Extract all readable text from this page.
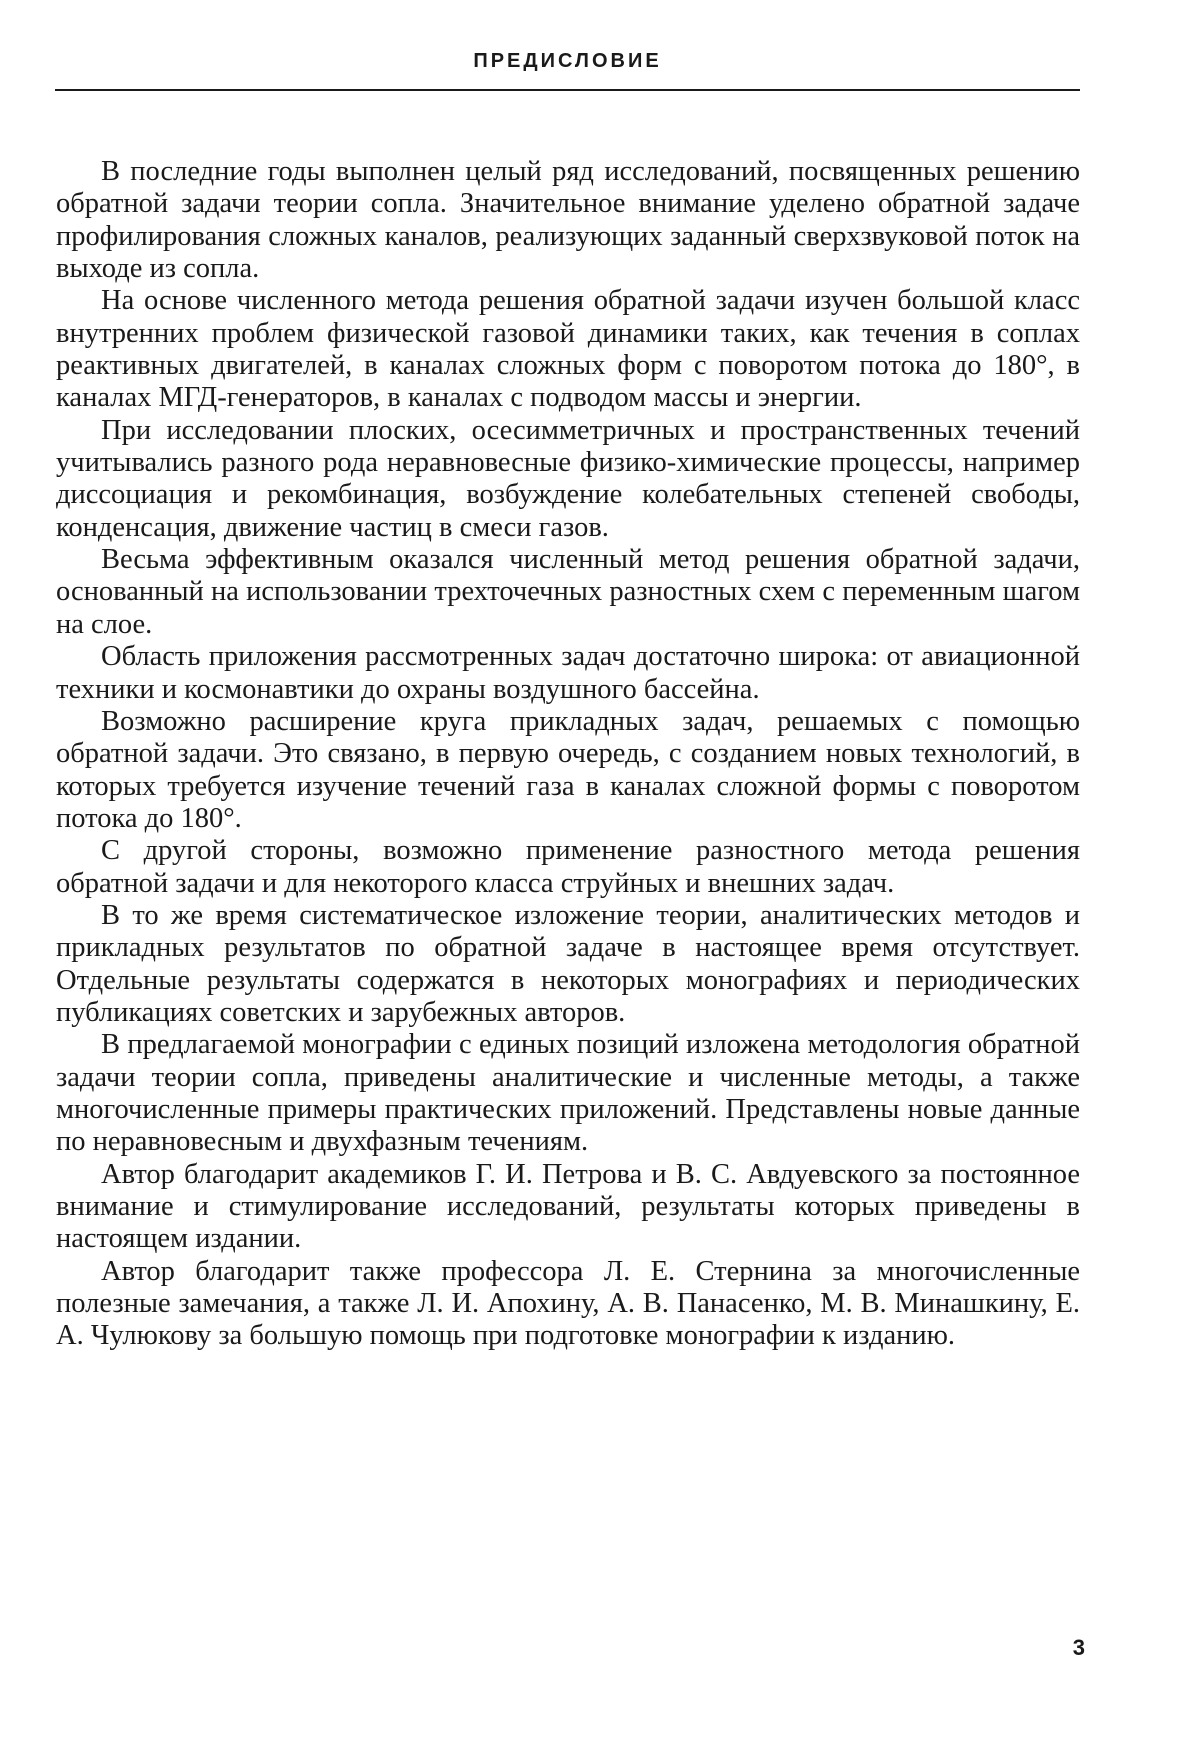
ПРЕДИСЛОВИЕ

В последние годы выполнен целый ряд исследований, посвященных решению обратной задачи теории сопла. Значительное внимание уделено обратной задаче профилирования сложных каналов, реализующих заданный сверхзвуковой поток на выходе из сопла.

На основе численного метода решения обратной задачи изучен большой класс внутренних проблем физической газовой динамики таких, как течения в соплах реактивных двигателей, в каналах сложных форм с поворотом потока до 180°, в каналах МГД-генераторов, в каналах с подводом массы и энергии.

При исследовании плоских, осесимметричных и пространственных течений учитывались разного рода неравновесные физико-химические процессы, например диссоциация и рекомбинация, возбуждение колебательных степеней свободы, конденсация, движение частиц в смеси газов.

Весьма эффективным оказался численный метод решения обратной задачи, основанный на использовании трехточечных разностных схем с переменным шагом на слое.

Область приложения рассмотренных задач достаточно широка: от авиационной техники и космонавтики до охраны воздушного бассейна.

Возможно расширение круга прикладных задач, решаемых с помощью обратной задачи. Это связано, в первую очередь, с созданием новых технологий, в которых требуется изучение течений газа в каналах сложной формы с поворотом потока до 180°.

С другой стороны, возможно применение разностного метода решения обратной задачи и для некоторого класса струйных и внешних задач.

В то же время систематическое изложение теории, аналитических методов и прикладных результатов по обратной задаче в настоящее время отсутствует. Отдельные результаты содержатся в некоторых монографиях и периодических публикациях советских и зарубежных авторов.

В предлагаемой монографии с единых позиций изложена методология обратной задачи теории сопла, приведены аналитические и численные методы, а также многочисленные примеры практических приложений. Представлены новые данные по неравновесным и двухфазным течениям.

Автор благодарит академиков Г. И. Петрова и В. С. Авдуевского за постоянное внимание и стимулирование исследований, результаты которых приведены в настоящем издании.

Автор благодарит также профессора Л. Е. Стернина за многочисленные полезные замечания, а также Л. И. Апохину, А. В. Панасенко, М. В. Минашкину, Е. А. Чулюкову за большую помощь при подготовке монографии к изданию.

3
